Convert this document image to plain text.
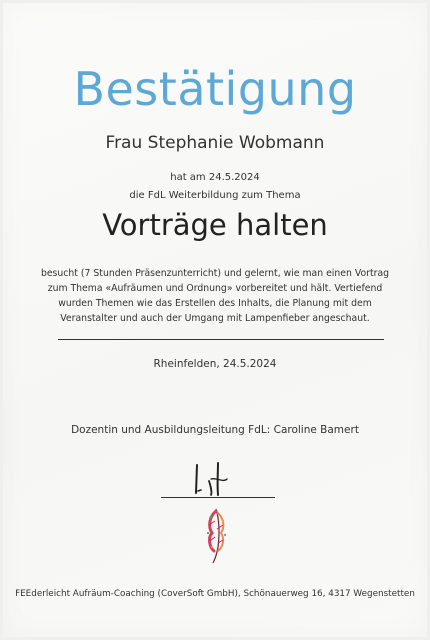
Bestätigung
Frau Stephanie Wobmann
hat am 24.5.2024
die FdL Weiterbildung zum Thema
Vorträge halten
besucht (7 Stunden Präsenzunterricht) und gelernt, wie man einen Vortrag zum Thema «Aufräumen und Ordnung» vorbereitet und hält. Vertiefend wurden Themen wie das Erstellen des Inhalts, die Planung mit dem Veranstalter und auch der Umgang mit Lampenfieber angeschaut.
Rheinfelden, 24.5.2024
Dozentin und Ausbildungsleitung FdL: Caroline Bamert
FEEderleicht Aufräum-Coaching (CoverSoft GmbH), Schönauerweg 16, 4317 Wegenstetten
